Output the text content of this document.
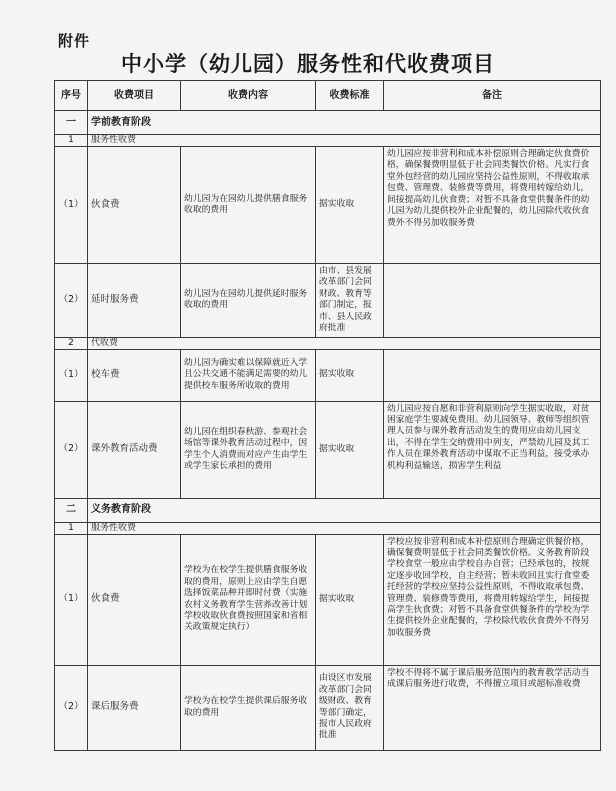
附件
中小学（幼儿园）服务性和代收费项目
序号	收费项目	收费内容	收费标准	备注
一	学前教育阶段			
1	服务性收费			
（1）	伙食费	幼儿园为在园幼儿提供膳食服务收取的费用	据实收取	幼儿园应按非营利和成本补偿原则合理确定伙食费价格，确保餐费明显低于社会同类餐饮价格。凡实行食堂外包经营的幼儿园应坚持公益性原则，不得收取承包费、管理费、装修费等费用，将费用转嫁给幼儿，间接提高幼儿伙食费；对暂不具备食堂供餐条件的幼儿园为幼儿提供校外企业配餐的，幼儿园除代收伙食费外不得另加收服务费
（2）	延时服务费	幼儿园为在园幼儿提供延时服务收取的费用	由市、县发展改革部门会同财政、教育等部门制定，报市、县人民政府批准	
2	代收费			
（1）	校车费	幼儿园为确实难以保障就近入学且公共交通不能满足需要的幼儿提供校车服务所收取的费用	据实收取	
（2）	课外教育活动费	幼儿园在组织春秋游、参观社会场馆等课外教育活动过程中，因学生个人消费而对应产生由学生或学生家长承担的费用	据实收取	幼儿园应按自愿和非营利原则向学生据实收取，对贫困家庭学生要减免费用。幼儿园领导、教师等组织管理人员参与课外教育活动发生的费用应由幼儿园支出，不得在学生交纳费用中列支，严禁幼儿园及其工作人员在课外教育活动中谋取不正当利益，接受承办机构利益输送，损害学生利益
二	义务教育阶段			
1	服务性收费			
（1）	伙食费	学校为在校学生提供膳食服务收取的费用，原则上应由学生自愿选择饭菜品种并即时付费（实施农村义务教育学生营养改善计划学校收取伙食费按照国家和省相关政策规定执行）	据实收取	学校应按非营利和成本补偿原则合理确定供餐价格，确保餐费明显低于社会同类餐饮价格。义务教育阶段学校食堂一般应由学校自办自营；已经承包的，按规定逐步收回学校，自主经营；暂未收回且实行食堂委托经营的学校应坚持公益性原则，不得收取承包费、管理费、装修费等费用，将费用转嫁给学生，间接提高学生伙食费；对暂不具备食堂供餐条件的学校为学生提供校外企业配餐的，学校除代收伙食费外不得另加收服务费
（2）	课后服务费	学校为在校学生提供课后服务收取的费用	由设区市发展改革部门会同级财政、教育等部门确定，报市人民政府批准	学校不得将不属于课后服务范围内的教育教学活动当成课后服务进行收费，不得擅立项目或超标准收费
